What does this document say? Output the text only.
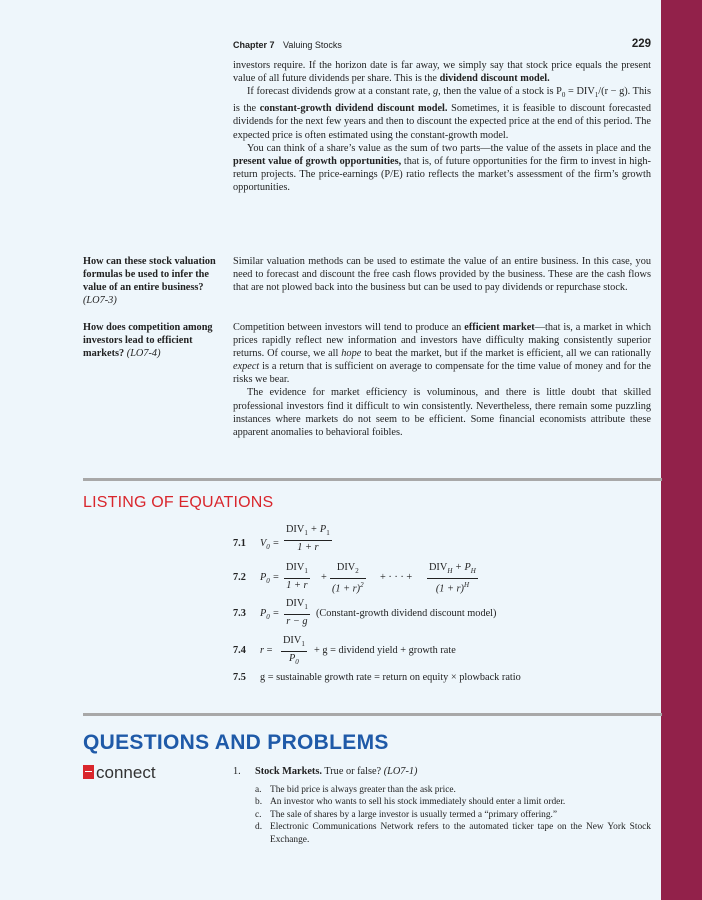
Chapter 7 Valuing Stocks	229

investors require. If the horizon date is far away, we simply say that stock price equals the present value of all future dividends per share. This is the dividend discount model.

If forecast dividends grow at a constant rate, g, then the value of a stock is $P_0 = DIV_1/(r - g)$. This is the constant-growth dividend discount model. Sometimes, it is feasible to discount forecasted dividends for the next few years and then to discount the expected price at the end of this period. The expected price is often estimated using the constant-growth model.

You can think of a share’s value as the sum of two parts—the value of the assets in place and the present value of growth opportunities, that is, of future opportunities for the firm to invest in high-return projects. The price-earnings (P/E) ratio reflects the market’s assessment of the firm’s growth opportunities.

How can these stock valuation formulas be used to infer the value of an entire business? (LO7-3)

Similar valuation methods can be used to estimate the value of an entire business. In this case, you need to forecast and discount the free cash flows provided by the business. These are the cash flows that are not plowed back into the business but can be used to pay dividends or repurchase stock.

How does competition among investors lead to efficient markets? (LO7-4)

Competition between investors will tend to produce an efficient market—that is, a market in which prices rapidly reflect new information and investors have difficulty making consistently superior returns. Of course, we all hope to beat the market, but if the market is efficient, all we can rationally expect is a return that is sufficient on average to compensate for the time value of money and for the risks we bear.

The evidence for market efficiency is voluminous, and there is little doubt that skilled professional investors find it difficult to win consistently. Nevertheless, there remain some puzzling instances where markets do not seem to be efficient. Some financial economists attribute these apparent anomalies to behavioral foibles.

LISTING OF EQUATIONS
7.1 $V_0$ =
$DIV_1 + P_1$
1 + r
7.2 $P_0$ =
$DIV_1$
1 + r
+
$DIV_2$
$(1 + r)^2$
+ · · · +
$DIV_H + P_H$
$(1 + r)^H$
7.3 $P_0$ =
$DIV_1$
r − g
(Constant-growth dividend discount model)
7.4 r =
$DIV_1$
$P_0$
+ g = dividend yield + growth rate
7.5 g = sustainable growth rate = return on equity × plowback ratio
QUESTIONS AND PROBLEMS
connect	1. Stock Markets. True or false? (LO7-1)
a. The bid price is always greater than the ask price.
b. An investor who wants to sell his stock immediately should enter a limit order.
c. The sale of shares by a large investor is usually termed a “primary offering.”
d. Electronic Communications Network refers to the automated ticker tape on the New York Stock Exchange.
